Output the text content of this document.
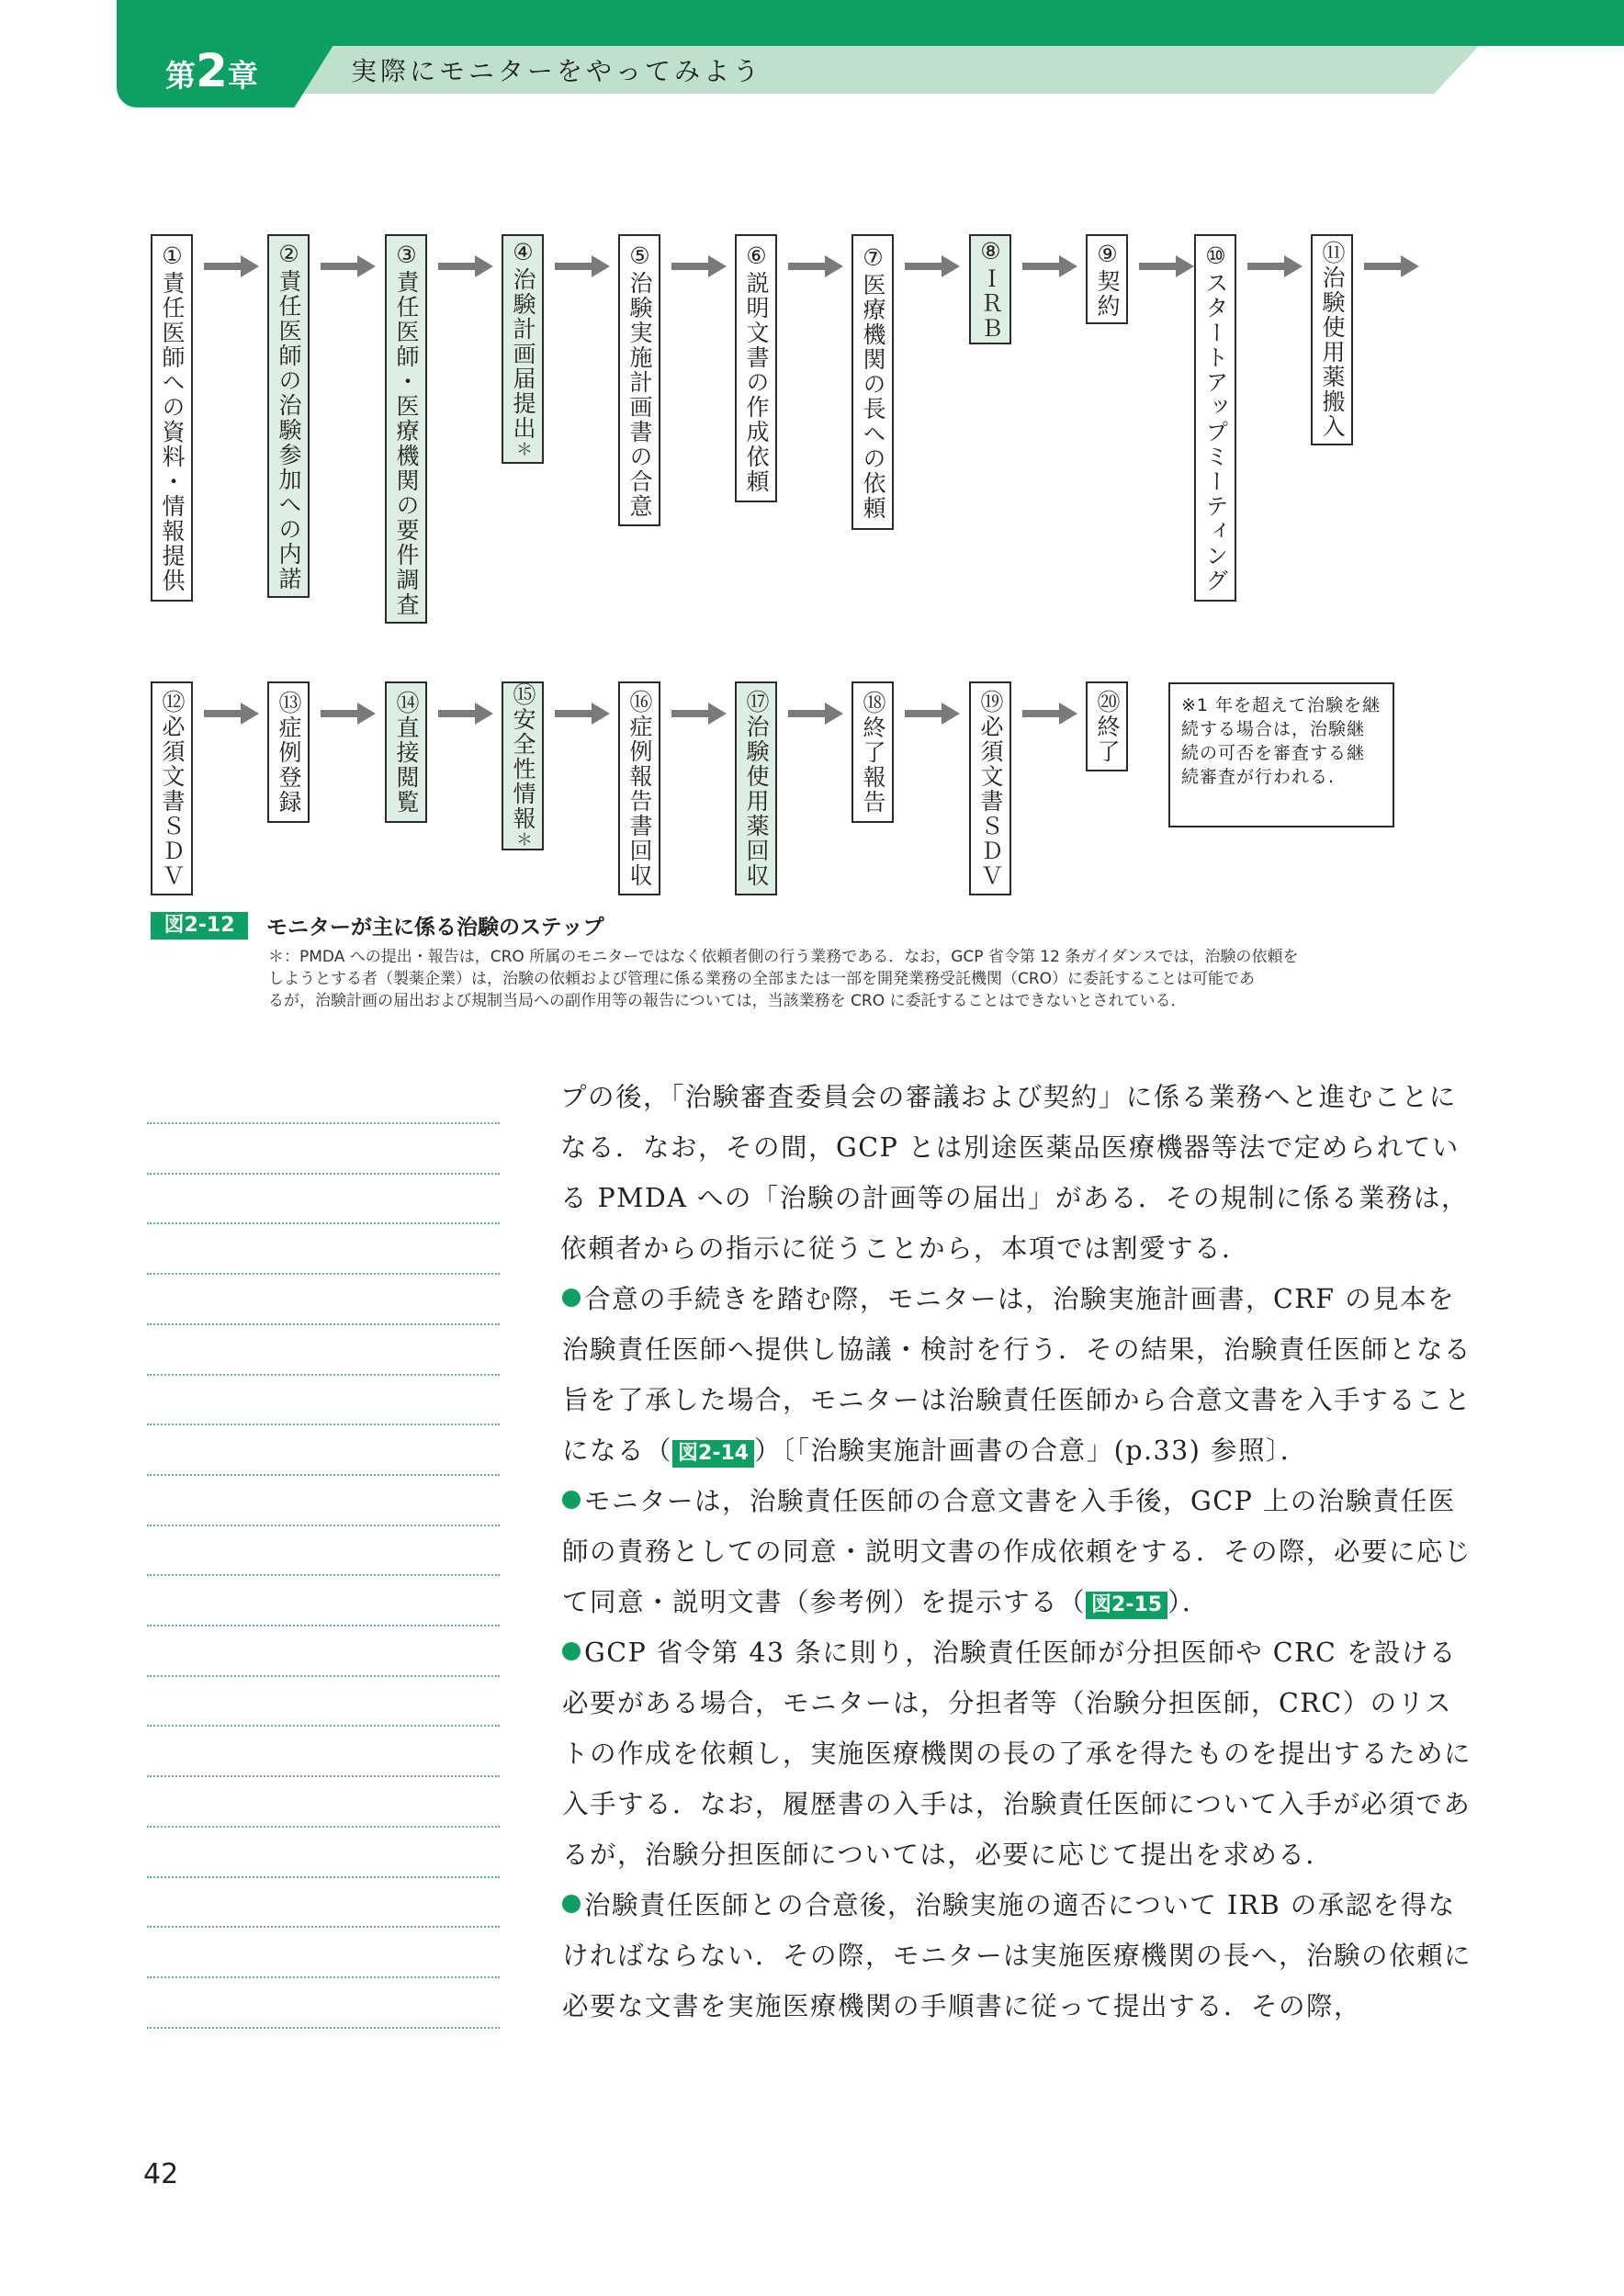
第2章	実際にモニターをやってみよう
①責任医師への資料・情報提供	②責任医師の治験参加への内諾	③責任医師・医療機関の要件調査	④治験計画届提出
＊	⑤治験実施計画書の合意	⑥説明文書の作成依頼	⑦医療機関の長への依頼	⑧ＩＲＢ	⑨契約	⑩スタートアップミーティング	⑪治験使用薬搬入
⑫必須文書ＳＤＶ	⑬症例登録	⑭直接閲覧	⑮安全性情報
＊	⑯症例報告書回収	⑰治験使用薬回収	⑱終了報告	⑲必須文書ＳＤＶ	⑳終了	※1 年を超えて治験を継続する場合は，治験継続の可否を審査する継続審査が行われる.
図2-12	モニターが主に係る治験のステップ

＊：PMDA への提出・報告は，CRO 所属のモニターではなく依頼者側の行う業務である．なお，GCP 省令第 12 条ガイダンスでは，治験の依頼を

しようとする者（製薬企業）は，治験の依頼および管理に係る業務の全部または一部を開発業務受託機関（CRO）に委託することは可能であ

るが，治験計画の届出および規制当局への副作用等の報告については，当該業務を CRO に委託することはできないとされている．

プの後，「治験審査委員会の審議および契約」に係る業務へと進むことになる．なお，その間，GCP とは別途医薬品医療機器等法で定められている PMDA への「治験の計画等の届出」がある．その規制に係る業務は，依頼者からの指示に従うことから，本項では割愛する．

合意の手続きを踏む際，モニターは，治験実施計画書，CRF の見本を治験責任医師へ提供し協議・検討を行う．その結果，治験責任医師となる旨を了承した場合，モニターは治験責任医師から合意文書を入手することになる（ 図2-14 ）〔「治験実施計画書の合意」(p.33) 参照〕．

モニターは，治験責任医師の合意文書を入手後，GCP 上の治験責任医師の責務としての同意・説明文書の作成依頼をする．その際，必要に応じて同意・説明文書（参考例）を提示する（ 図2-15 ）．

GCP 省令第 43 条に則り，治験責任医師が分担医師や CRC を設ける必要がある場合，モニターは，分担者等（治験分担医師，CRC）のリストの作成を依頼し，実施医療機関の長の了承を得たものを提出するために入手する．なお，履歴書の入手は，治験責任医師について入手が必須であるが，治験分担医師については，必要に応じて提出を求める．

治験責任医師との合意後，治験実施の適否について IRB の承認を得なければならない．その際，モニターは実施医療機関の長へ，治験の依頼に必要な文書を実施医療機関の手順書に従って提出する．その際，

42
